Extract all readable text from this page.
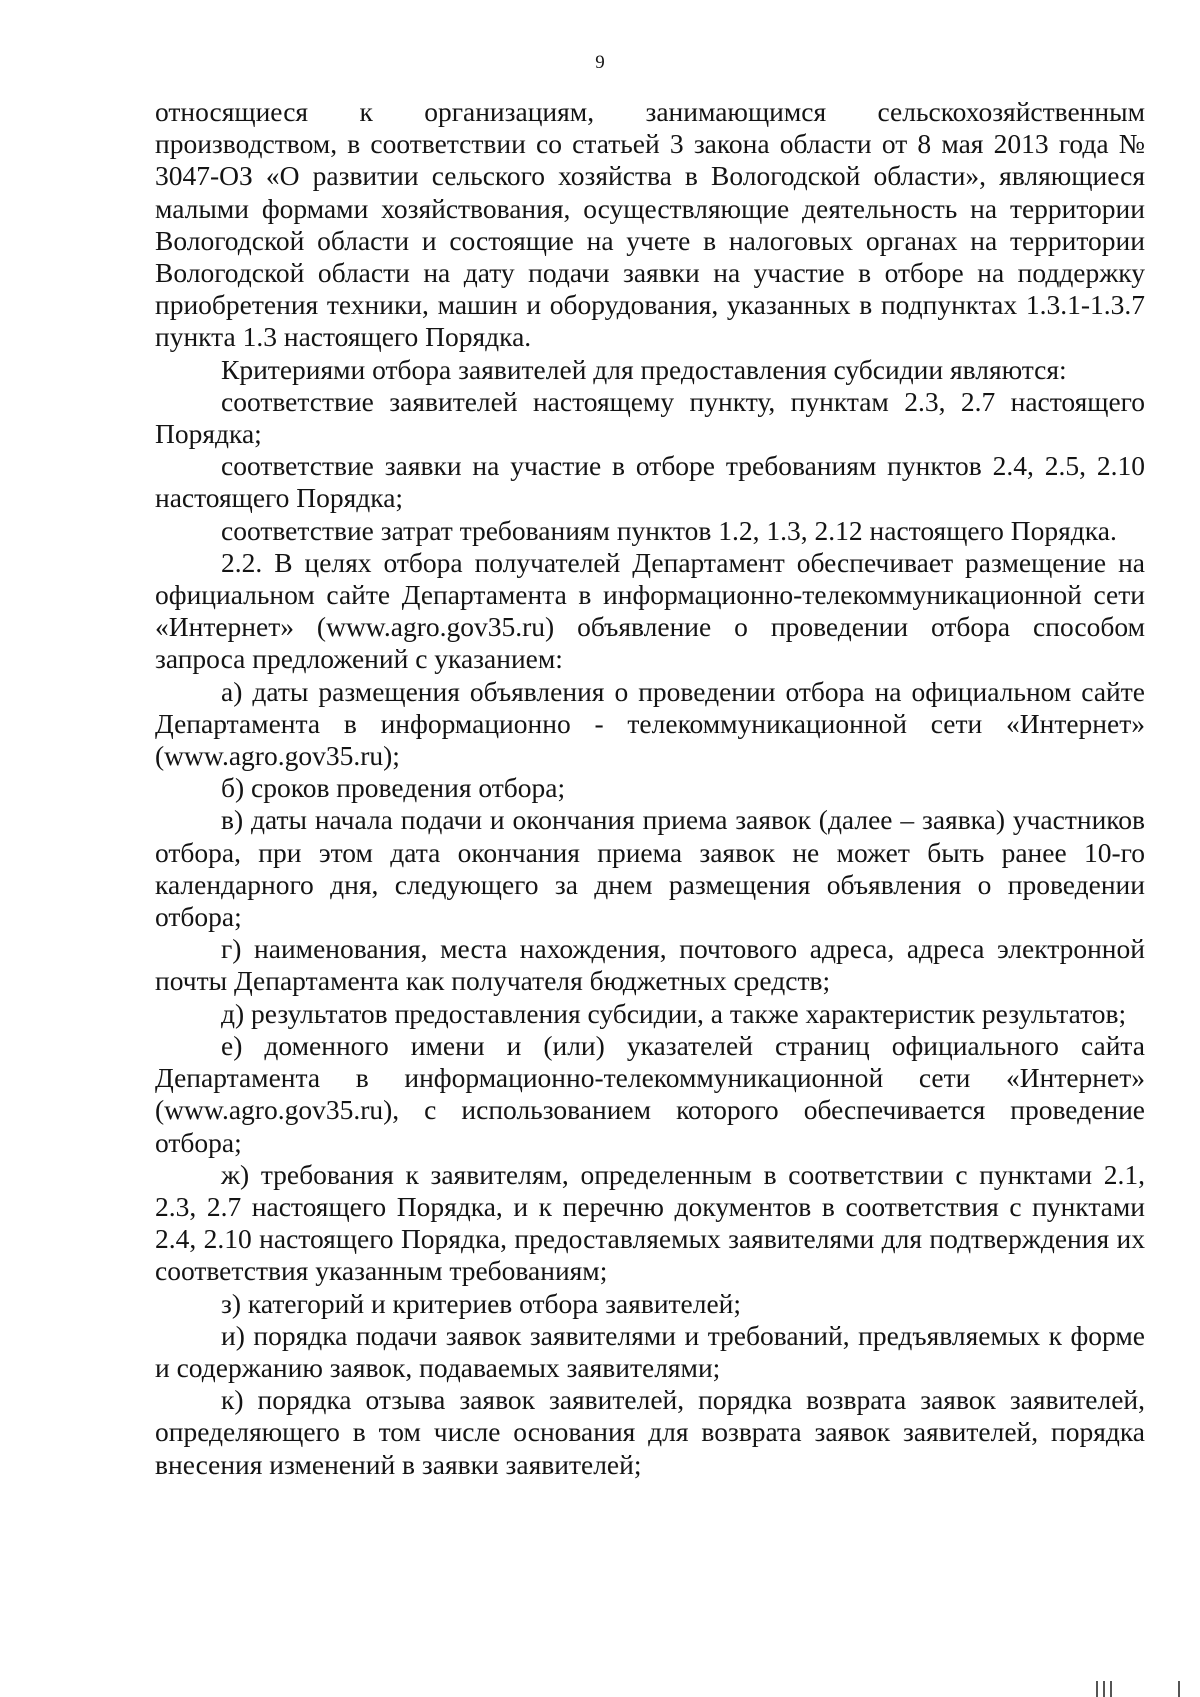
9

относящиеся к организациям, занимающимся сельскохозяйственным производством, в соответствии со статьей 3 закона области от 8 мая 2013 года № 3047-ОЗ «О развитии сельского хозяйства в Вологодской области», являющиеся малыми формами хозяйствования, осуществляющие деятельность на территории Вологодской области и состоящие на учете в налоговых органах на территории Вологодской области на дату подачи заявки на участие в отборе на поддержку приобретения техники, машин и оборудования, указанных в подпунктах 1.3.1-1.3.7 пункта 1.3 настоящего Порядка.

Критериями отбора заявителей для предоставления субсидии являются:

соответствие заявителей настоящему пункту, пунктам 2.3, 2.7 настоящего Порядка;

соответствие заявки на участие в отборе требованиям пунктов 2.4, 2.5, 2.10 настоящего Порядка;

соответствие затрат требованиям пунктов 1.2, 1.3, 2.12 настоящего Порядка.

2.2. В целях отбора получателей Департамент обеспечивает размещение на официальном сайте Департамента в информационно-телекоммуникационной сети «Интернет» (www.agro.gov35.ru) объявление о проведении отбора способом запроса предложений с указанием:

а) даты размещения объявления о проведении отбора на официальном сайте Департамента в информационно - телекоммуникационной сети «Интернет» (www.agro.gov35.ru);

б) сроков проведения отбора;

в) даты начала подачи и окончания приема заявок (далее – заявка) участников отбора, при этом дата окончания приема заявок не может быть ранее 10-го календарного дня, следующего за днем размещения объявления о проведении отбора;

г) наименования, места нахождения, почтового адреса, адреса электронной почты Департамента как получателя бюджетных средств;

д) результатов предоставления субсидии, а также характеристик результатов;

е) доменного имени и (или) указателей страниц официального сайта Департамента в информационно-телекоммуникационной сети «Интернет» (www.agro.gov35.ru), с использованием которого обеспечивается проведение отбора;

ж) требования к заявителям, определенным в соответствии с пунктами 2.1, 2.3, 2.7 настоящего Порядка, и к перечню документов в соответствия с пунктами 2.4, 2.10 настоящего Порядка, предоставляемых заявителями для подтверждения их соответствия указанным требованиям;

з) категорий и критериев отбора заявителей;

и) порядка подачи заявок заявителями и требований, предъявляемых к форме и содержанию заявок, подаваемых заявителями;

к) порядка отзыва заявок заявителей, порядка возврата заявок заявителей, определяющего в том числе основания для возврата заявок заявителей, порядка внесения изменений в заявки заявителей;
